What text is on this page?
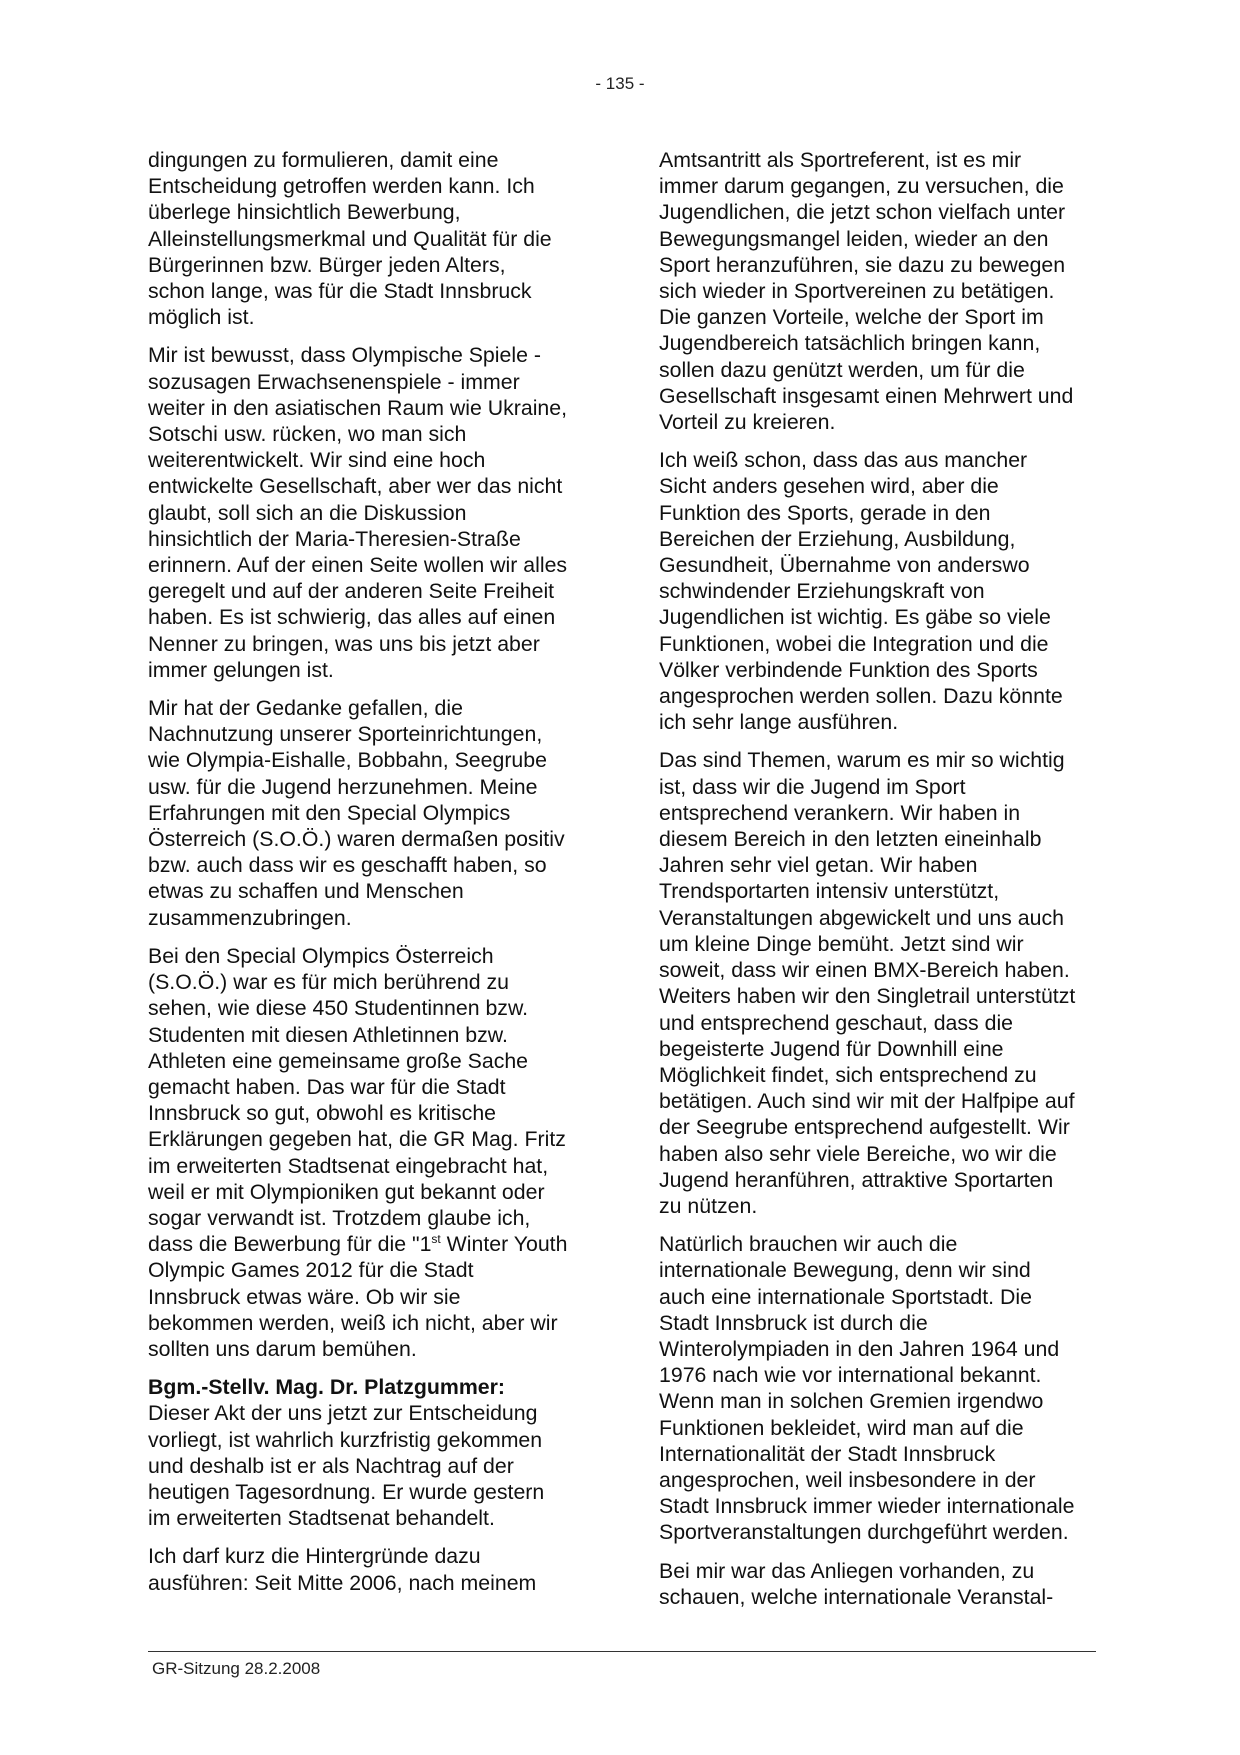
- 135 -

dingungen zu formulieren, damit eine Entscheidung getroffen werden kann. Ich überlege hinsichtlich Bewerbung, Alleinstellungsmerkmal und Qualität für die Bürgerinnen bzw. Bürger jeden Alters, schon lange, was für die Stadt Innsbruck möglich ist.

Mir ist bewusst, dass Olympische Spiele - sozusagen Erwachsenenspiele - immer weiter in den asiatischen Raum wie Ukraine, Sotschi usw. rücken, wo man sich weiterentwickelt. Wir sind eine hoch entwickelte Gesellschaft, aber wer das nicht glaubt, soll sich an die Diskussion hinsichtlich der Maria-Theresien-Straße erinnern. Auf der einen Seite wollen wir alles geregelt und auf der anderen Seite Freiheit haben. Es ist schwierig, das alles auf einen Nenner zu bringen, was uns bis jetzt aber immer gelungen ist.

Mir hat der Gedanke gefallen, die Nachnutzung unserer Sporteinrichtungen, wie Olympia-Eishalle, Bobbahn, Seegrube usw. für die Jugend herzunehmen. Meine Erfahrungen mit den Special Olympics Österreich (S.O.Ö.) waren dermaßen positiv bzw. auch dass wir es geschafft haben, so etwas zu schaffen und Menschen zusammenzubringen.

Bei den Special Olympics Österreich (S.O.Ö.) war es für mich berührend zu sehen, wie diese 450 Studentinnen bzw. Studenten mit diesen Athletinnen bzw. Athleten eine gemeinsame große Sache gemacht haben. Das war für die Stadt Innsbruck so gut, obwohl es kritische Erklärungen gegeben hat, die GR Mag. Fritz im erweiterten Stadtsenat eingebracht hat, weil er mit Olympioniken gut bekannt oder sogar verwandt ist. Trotzdem glaube ich, dass die Bewerbung für die "1st Winter Youth Olympic Games 2012 für die Stadt Innsbruck etwas wäre. Ob wir sie bekommen werden, weiß ich nicht, aber wir sollten uns darum bemühen.

Bgm.-Stellv. Mag. Dr. Platzgummer:
Dieser Akt der uns jetzt zur Entscheidung vorliegt, ist wahrlich kurzfristig gekommen und deshalb ist er als Nachtrag auf der heutigen Tagesordnung. Er wurde gestern im erweiterten Stadtsenat behandelt.

Ich darf kurz die Hintergründe dazu ausführen: Seit Mitte 2006, nach meinem

Amtsantritt als Sportreferent, ist es mir immer darum gegangen, zu versuchen, die Jugendlichen, die jetzt schon vielfach unter Bewegungsmangel leiden, wieder an den Sport heranzuführen, sie dazu zu bewegen sich wieder in Sportvereinen zu betätigen. Die ganzen Vorteile, welche der Sport im Jugendbereich tatsächlich bringen kann, sollen dazu genützt werden, um für die Gesellschaft insgesamt einen Mehrwert und Vorteil zu kreieren.

Ich weiß schon, dass das aus mancher Sicht anders gesehen wird, aber die Funktion des Sports, gerade in den Bereichen der Erziehung, Ausbildung, Gesundheit, Übernahme von anderswo schwindender Erziehungskraft von Jugendlichen ist wichtig. Es gäbe so viele Funktionen, wobei die Integration und die Völker verbindende Funktion des Sports angesprochen werden sollen. Dazu könnte ich sehr lange ausführen.

Das sind Themen, warum es mir so wichtig ist, dass wir die Jugend im Sport entsprechend verankern. Wir haben in diesem Bereich in den letzten eineinhalb Jahren sehr viel getan. Wir haben Trendsportarten intensiv unterstützt, Veranstaltungen abgewickelt und uns auch um kleine Dinge bemüht. Jetzt sind wir soweit, dass wir einen BMX-Bereich haben. Weiters haben wir den Singletrail unterstützt und entsprechend geschaut, dass die begeisterte Jugend für Downhill eine Möglichkeit findet, sich entsprechend zu betätigen. Auch sind wir mit der Halfpipe auf der Seegrube entsprechend aufgestellt. Wir haben also sehr viele Bereiche, wo wir die Jugend heranführen, attraktive Sportarten zu nützen.

Natürlich brauchen wir auch die internationale Bewegung, denn wir sind auch eine internationale Sportstadt. Die Stadt Innsbruck ist durch die Winterolympiaden in den Jahren 1964 und 1976 nach wie vor international bekannt. Wenn man in solchen Gremien irgendwo Funktionen bekleidet, wird man auf die Internationalität der Stadt Innsbruck angesprochen, weil insbesondere in der Stadt Innsbruck immer wieder internationale Sportveranstaltungen durchgeführt werden.

Bei mir war das Anliegen vorhanden, zu schauen, welche internationale Veranstal-

GR-Sitzung 28.2.2008
